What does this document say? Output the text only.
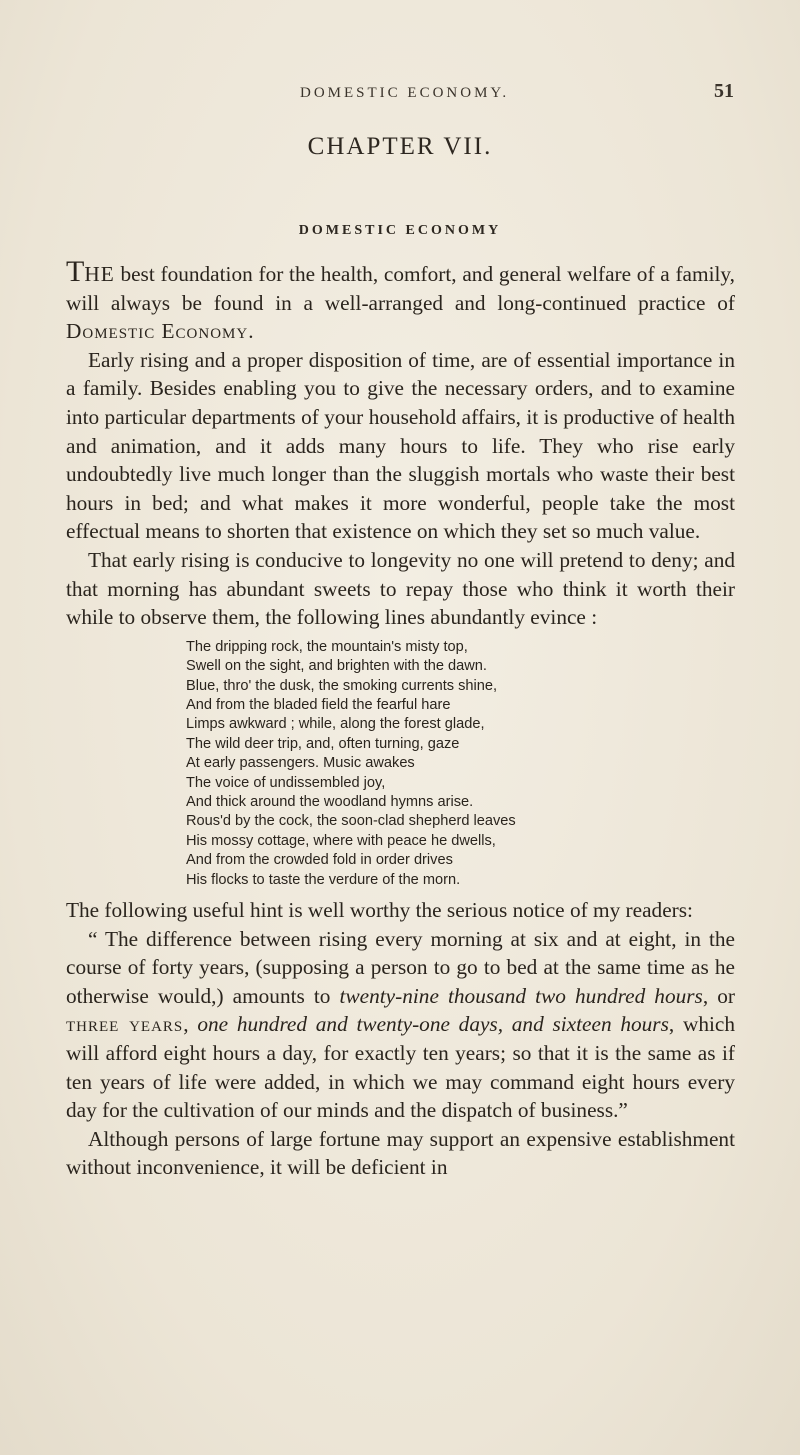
DOMESTIC ECONOMY.	51
CHAPTER VII.
DOMESTIC ECONOMY

THE best foundation for the health, comfort, and general welfare of a family, will always be found in a well-arranged and long-continued practice of Domestic Economy.

Early rising and a proper disposition of time, are of essential importance in a family. Besides enabling you to give the necessary orders, and to examine into particular departments of your household affairs, it is productive of health and animation, and it adds many hours to life. They who rise early undoubtedly live much longer than the sluggish mortals who waste their best hours in bed; and what makes it more wonderful, people take the most effectual means to shorten that existence on which they set so much value.

That early rising is conducive to longevity no one will pretend to deny; and that morning has abundant sweets to repay those who think it worth their while to observe them, the following lines abundantly evince :

The dripping rock, the mountain's misty top,
Swell on the sight, and brighten with the dawn.
Blue, thro' the dusk, the smoking currents shine,
And from the bladed field the fearful hare
Limps awkward ; while, along the forest glade,
The wild deer trip, and, often turning, gaze
At early passengers. Music awakes
The voice of undissembled joy,
And thick around the woodland hymns arise.
Rous'd by the cock, the soon-clad shepherd leaves
His mossy cottage, where with peace he dwells,
And from the crowded fold in order drives
His flocks to taste the verdure of the morn.

The following useful hint is well worthy the serious notice of my readers:

“ The difference between rising every morning at six and at eight, in the course of forty years, (supposing a person to go to bed at the same time as he otherwise would,) amounts to twenty-nine thousand two hundred hours, or three years, one hundred and twenty-one days, and sixteen hours, which will afford eight hours a day, for exactly ten years; so that it is the same as if ten years of life were added, in which we may command eight hours every day for the cultivation of our minds and the dispatch of business.”

Although persons of large fortune may support an expensive establishment without inconvenience, it will be deficient in
